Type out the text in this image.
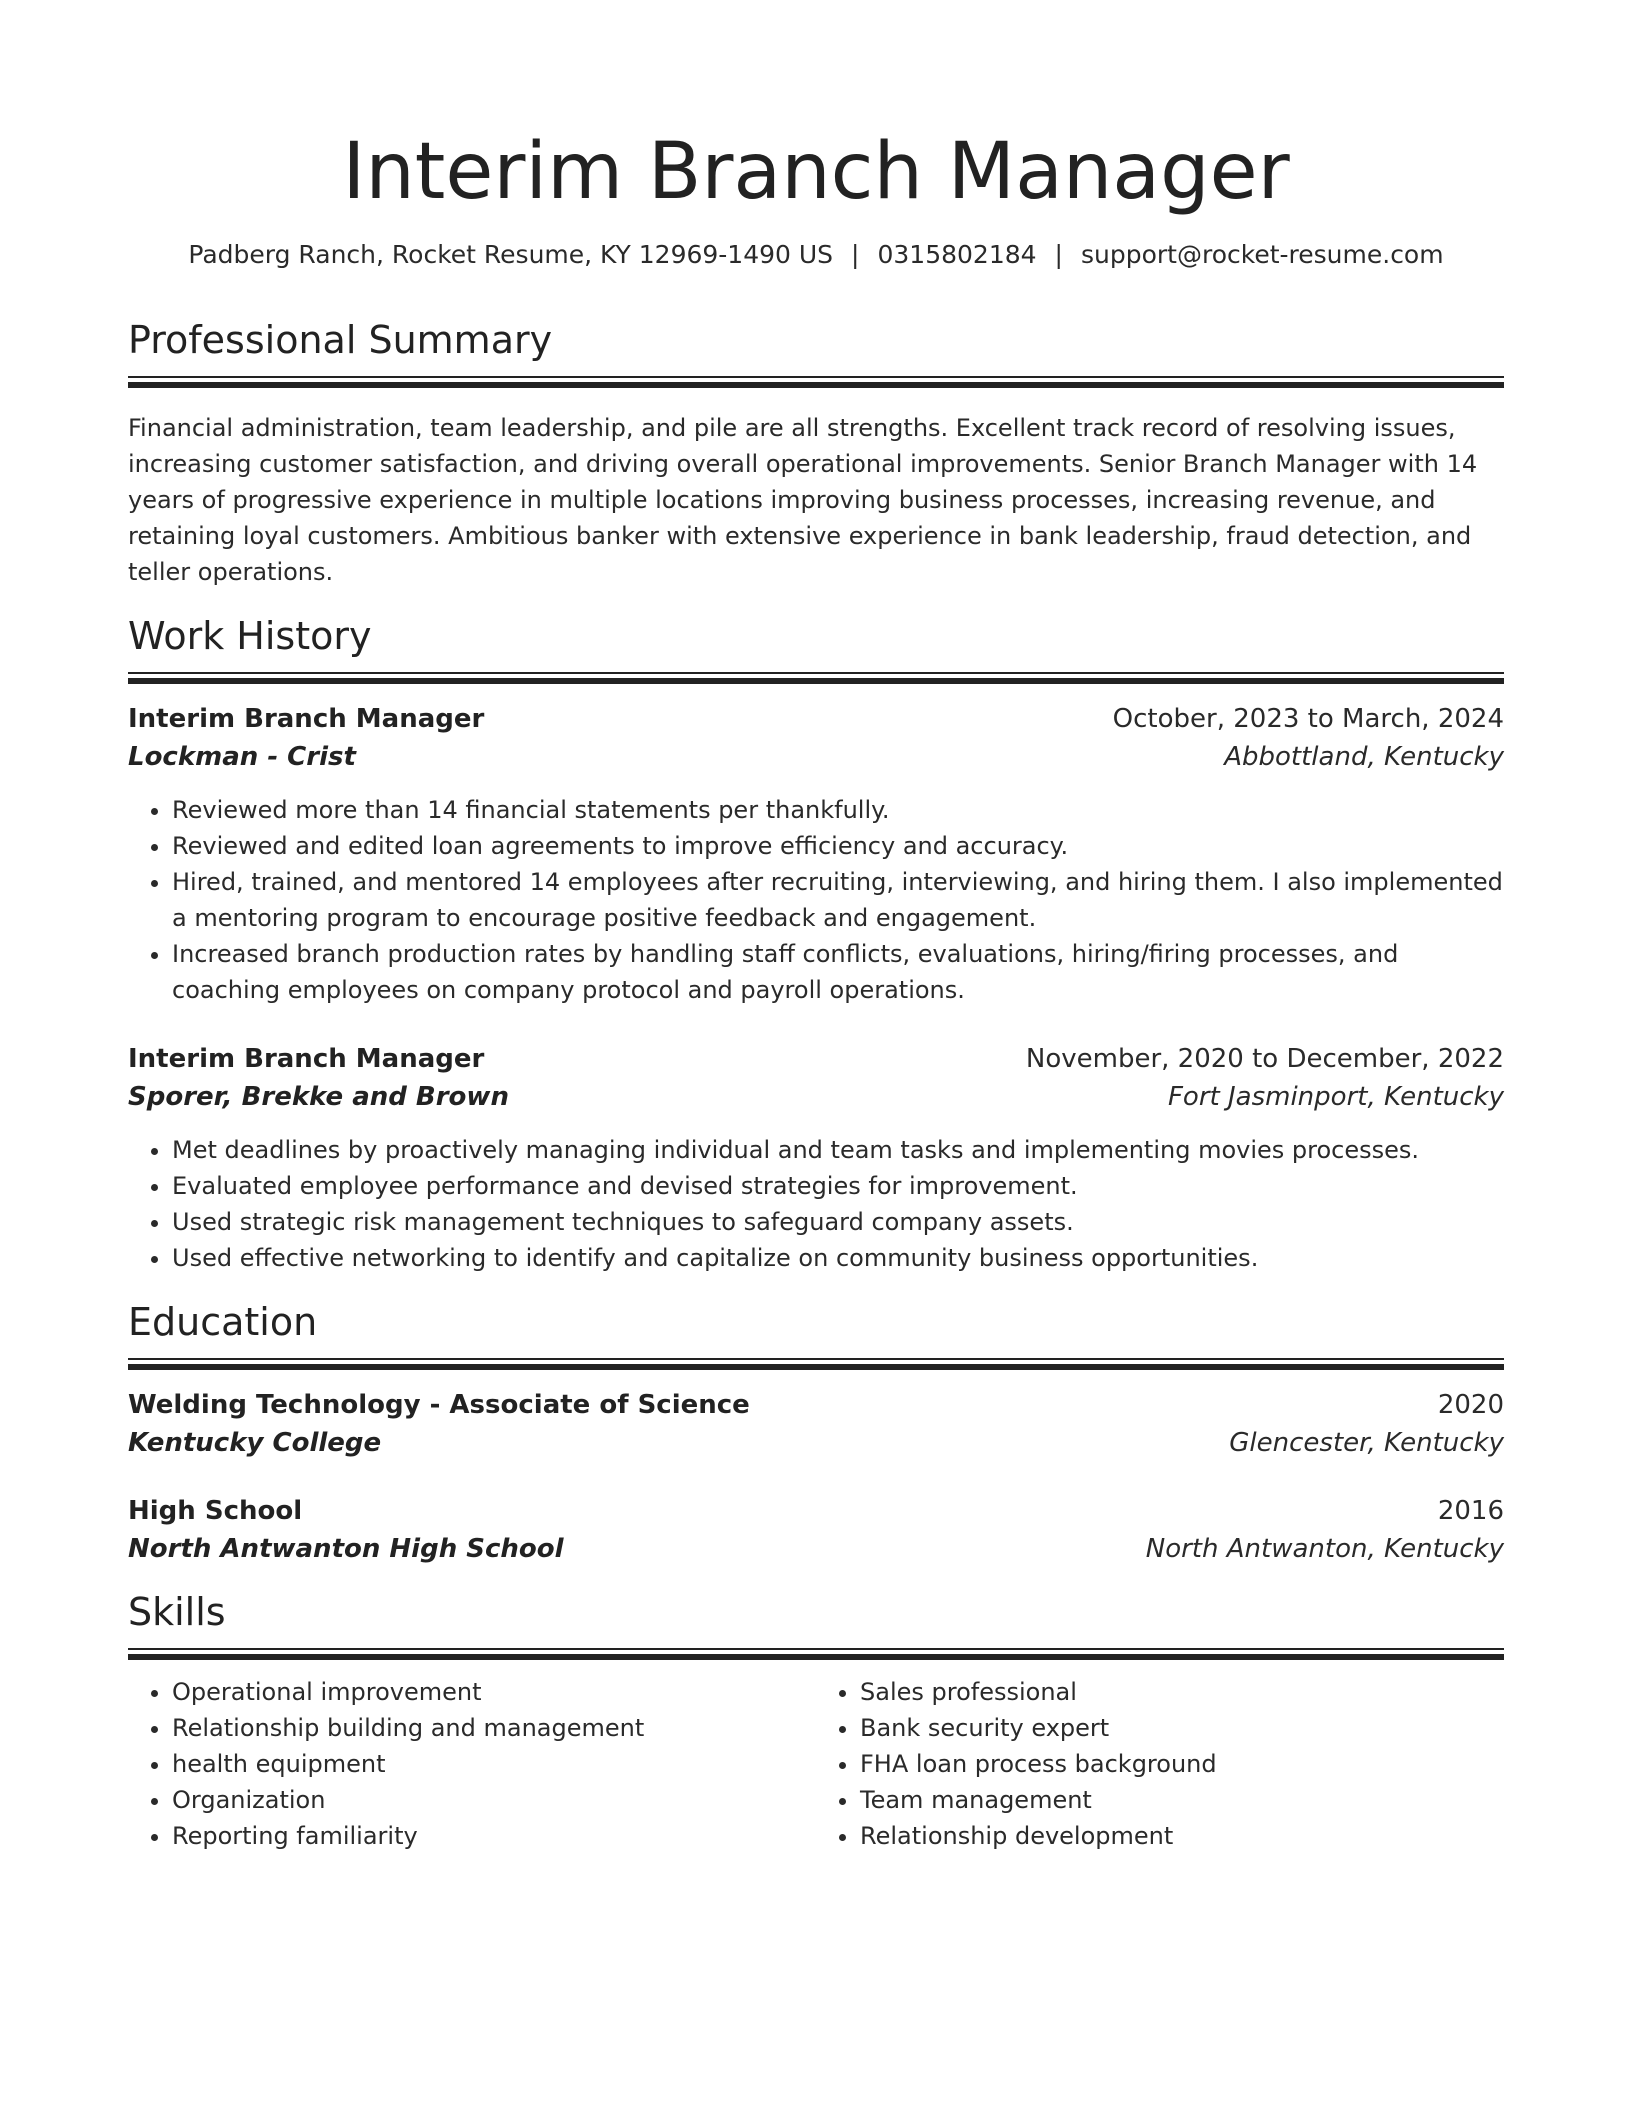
Interim Branch Manager
Padberg Ranch, Rocket Resume, KY 12969-1490 US | 0315802184 | support@rocket-resume.com
Professional Summary
Financial administration, team leadership, and pile are all strengths. Excellent track record of resolving issues, increasing customer satisfaction, and driving overall operational improvements. Senior Branch Manager with 14 years of progressive experience in multiple locations improving business processes, increasing revenue, and retaining loyal customers. Ambitious banker with extensive experience in bank leadership, fraud detection, and teller operations.
Work History
Interim Branch Manager	October, 2023 to March, 2024
Lockman - Crist	Abbottland, Kentucky
• Reviewed more than 14 financial statements per thankfully.
• Reviewed and edited loan agreements to improve efficiency and accuracy.
• Hired, trained, and mentored 14 employees after recruiting, interviewing, and hiring them. I also implemented a mentoring program to encourage positive feedback and engagement.
• Increased branch production rates by handling staff conflicts, evaluations, hiring/firing processes, and coaching employees on company protocol and payroll operations.
Interim Branch Manager	November, 2020 to December, 2022
Sporer, Brekke and Brown	Fort Jasminport, Kentucky
• Met deadlines by proactively managing individual and team tasks and implementing movies processes.
• Evaluated employee performance and devised strategies for improvement.
• Used strategic risk management techniques to safeguard company assets.
• Used effective networking to identify and capitalize on community business opportunities.
Education
Welding Technology - Associate of Science	2020
Kentucky College	Glencester, Kentucky
High School	2016
North Antwanton High School	North Antwanton, Kentucky
Skills
• Operational improvement
• Relationship building and management
• health equipment
• Organization
• Reporting familiarity
• Sales professional
• Bank security expert
• FHA loan process background
• Team management
• Relationship development
